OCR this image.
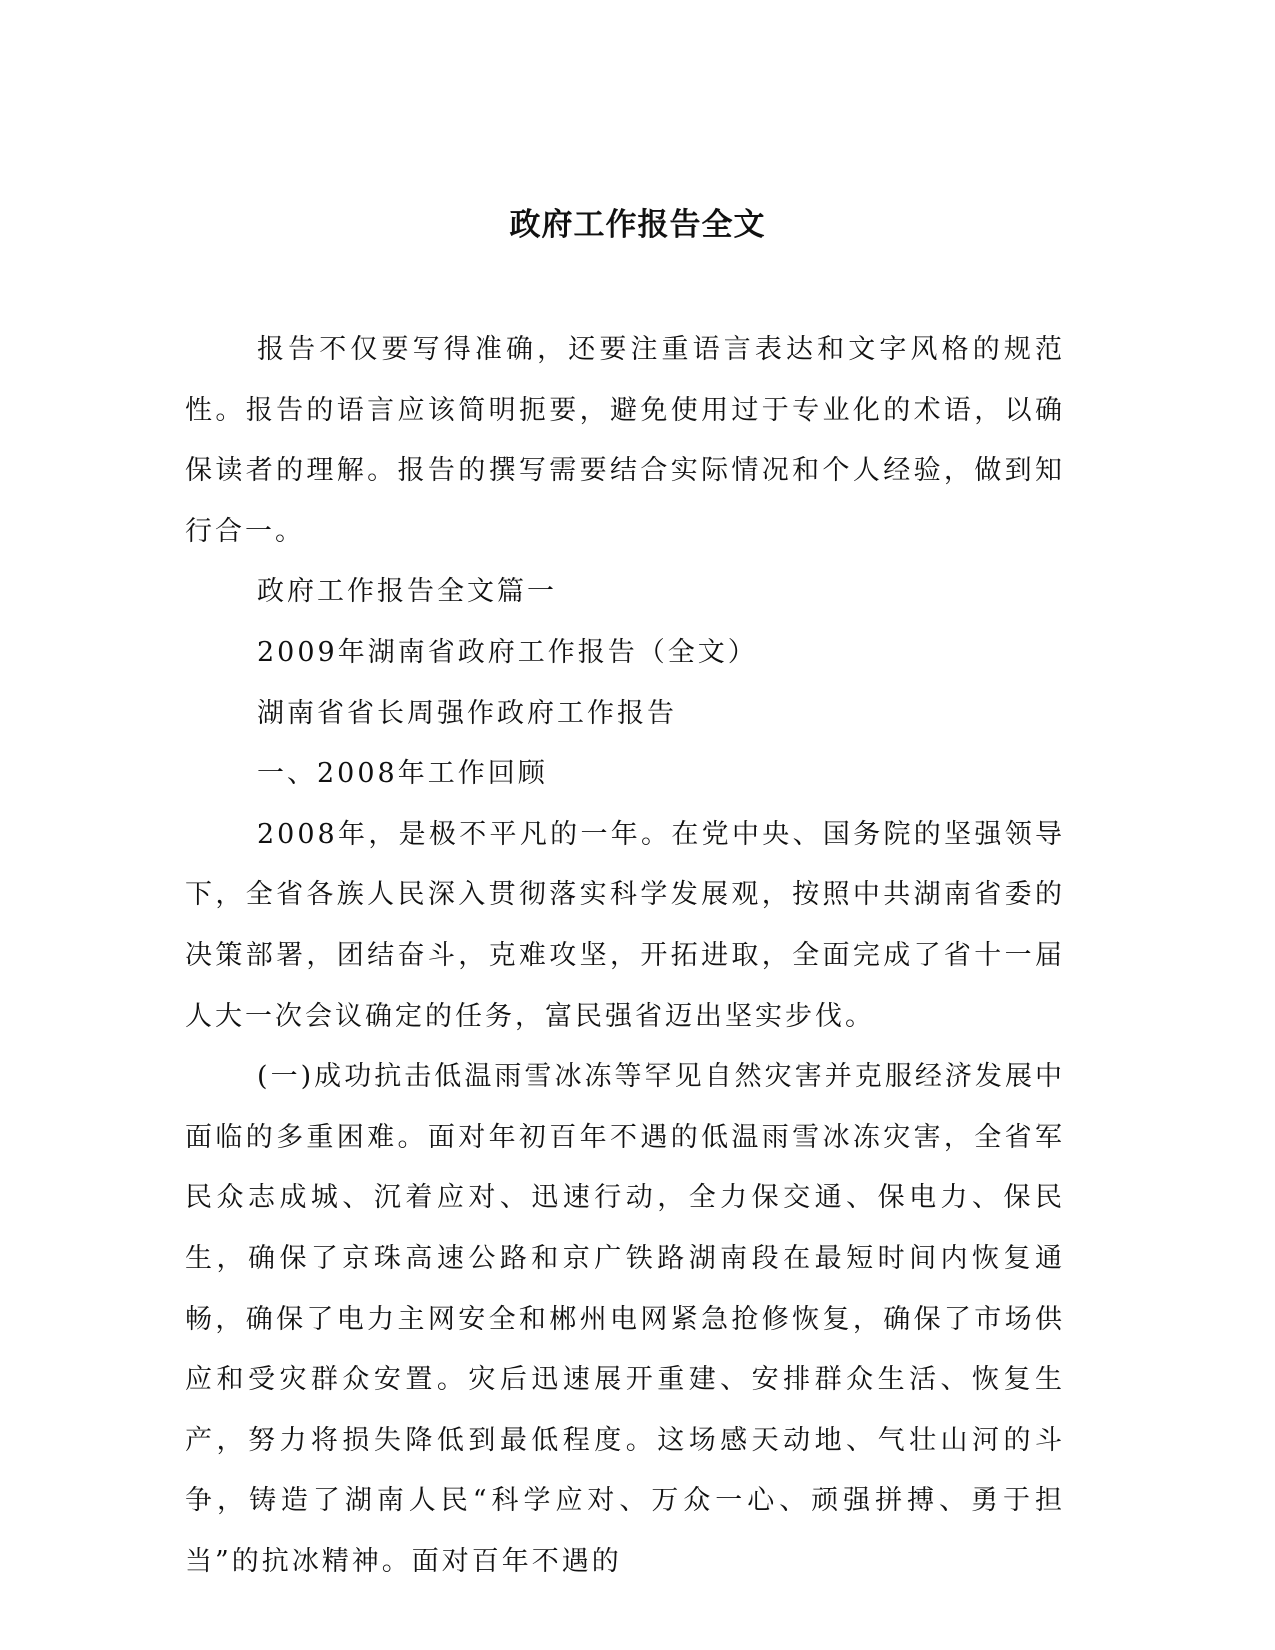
政府工作报告全文

报告不仅要写得准确，还要注重语言表达和文字风格的规范性。报告的语言应该简明扼要，避免使用过于专业化的术语，以确保读者的理解。报告的撰写需要结合实际情况和个人经验，做到知行合一。

政府工作报告全文篇一

2009年湖南省政府工作报告（全文）

湖南省省长周强作政府工作报告

一、2008年工作回顾

2008年，是极不平凡的一年。在党中央、国务院的坚强领导下，全省各族人民深入贯彻落实科学发展观，按照中共湖南省委的决策部署，团结奋斗，克难攻坚，开拓进取，全面完成了省十一届人大一次会议确定的任务，富民强省迈出坚实步伐。

(一)成功抗击低温雨雪冰冻等罕见自然灾害并克服经济发展中面临的多重困难。面对年初百年不遇的低温雨雪冰冻灾害，全省军民众志成城、沉着应对、迅速行动，全力保交通、保电力、保民生，确保了京珠高速公路和京广铁路湖南段在最短时间内恢复通畅，确保了电力主网安全和郴州电网紧急抢修恢复，确保了市场供应和受灾群众安置。灾后迅速展开重建、安排群众生活、恢复生产，努力将损失降低到最低程度。这场感天动地、气壮山河的斗争，铸造了湖南人民“科学应对、万众一心、顽强拼搏、勇于担当”的抗冰精神。面对百年不遇的
